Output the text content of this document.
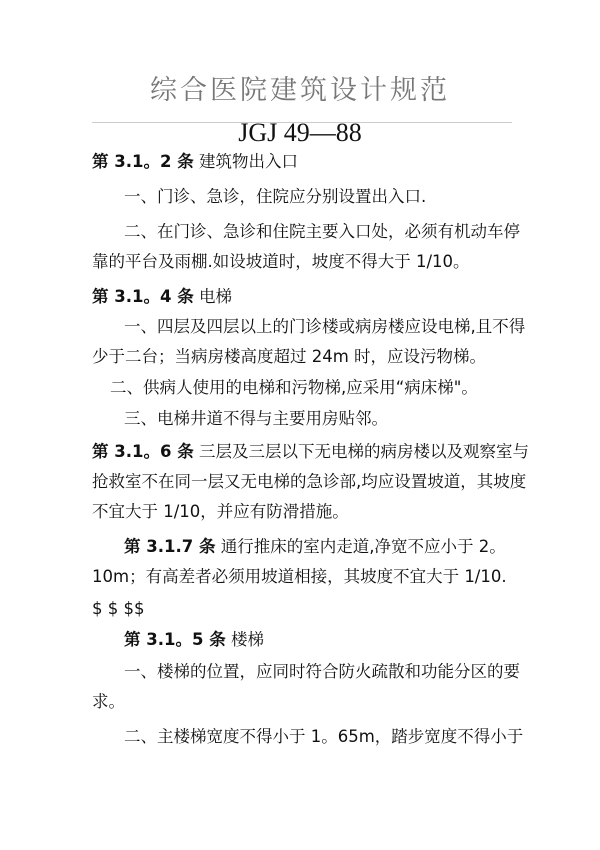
综合医院建筑设计规范
JGJ 49—88
第 3.1。2 条 建筑物出入口
一、门诊、急诊，住院应分别设置出入口.
二、在门诊、急诊和住院主要入口处，必须有机动车停
靠的平台及雨棚.如设坡道时，坡度不得大于 1/10。
第 3.1。4 条 电梯
一、四层及四层以上的门诊楼或病房楼应设电梯,且不得
少于二台；当病房楼高度超过 24m 时，应设污物梯。
二、供病人使用的电梯和污物梯,应采用“病床梯"。
三、电梯井道不得与主要用房贴邻。
第 3.1。6 条 三层及三层以下无电梯的病房楼以及观察室与
抢救室不在同一层又无电梯的急诊部,均应设置坡道，其坡度
不宜大于 1/10，并应有防滑措施。
第 3.1.7 条 通行推床的室内走道,净宽不应小于 2。
10m；有高差者必须用坡道相接，其坡度不宜大于 1/10.
$ $ $$
第 3.1。5 条 楼梯
一、楼梯的位置，应同时符合防火疏散和功能分区的要
求。
二、主楼梯宽度不得小于 1。65m，踏步宽度不得小于
